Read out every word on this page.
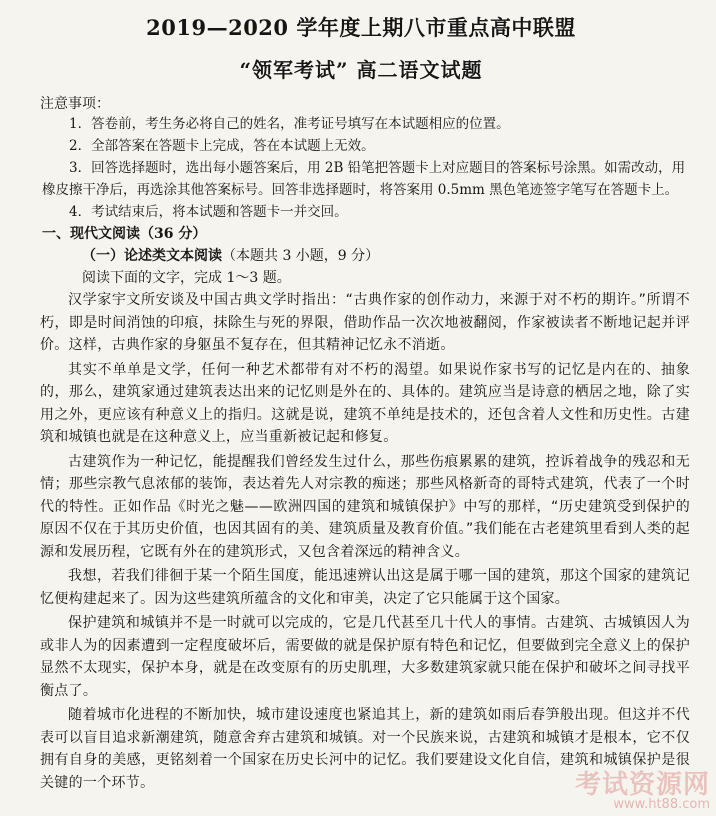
2019—2020 学年度上期八市重点高中联盟
“领军考试” 高二语文试题
注意事项：

1．答卷前，考生务必将自己的姓名，准考证号填写在本试题相应的位置。

2．全部答案在答题卡上完成，答在本试题上无效。

3．回答选择题时，选出每小题答案后，用 2B 铅笔把答题卡上对应题目的答案标号涂黑。如需改动，用橡皮擦干净后，再选涂其他答案标号。回答非选择题时，将答案用 0.5mm 黑色笔迹签字笔写在答题卡上。

4．考试结束后，将本试题和答题卡一并交回。

一、现代文阅读（36 分）
（一）论述类文本阅读（本题共 3 小题，9 分）
阅读下面的文字，完成 1～3 题。

汉学家宇文所安谈及中国古典文学时指出：“古典作家的创作动力，来源于对不朽的期许。”所谓不朽，即是时间消蚀的印痕，抹除生与死的界限，借助作品一次次地被翻阅，作家被读者不断地记起并评价。这样，古典作家的身躯虽不复存在，但其精神记忆永不消逝。

其实不单单是文学，任何一种艺术都带有对不朽的渴望。如果说作家书写的记忆是内在的、抽象的，那么，建筑家通过建筑表达出来的记忆则是外在的、具体的。建筑应当是诗意的栖居之地，除了实用之外，更应该有种意义上的指归。这就是说，建筑不单纯是技术的，还包含着人文性和历史性。古建筑和城镇也就是在这种意义上，应当重新被记起和修复。

古建筑作为一种记忆，能提醒我们曾经发生过什么，那些伤痕累累的建筑，控诉着战争的残忍和无情；那些宗教气息浓郁的装饰，表达着先人对宗教的痴迷；那些风格新奇的哥特式建筑，代表了一个时代的特性。正如作品《时光之魅——欧洲四国的建筑和城镇保护》中写的那样，“历史建筑受到保护的原因不仅在于其历史价值，也因其固有的美、建筑质量及教育价值。”我们能在古老建筑里看到人类的起源和发展历程，它既有外在的建筑形式，又包含着深远的精神含义。

我想，若我们徘徊于某一个陌生国度，能迅速辨认出这是属于哪一国的建筑，那这个国家的建筑记忆便构建起来了。因为这些建筑所蕴含的文化和审美，决定了它只能属于这个国家。

保护建筑和城镇并不是一时就可以完成的，它是几代甚至几十代人的事情。古建筑、古城镇因人为或非人为的因素遭到一定程度破坏后，需要做的就是保护原有特色和记忆，但要做到完全意义上的保护显然不太现实，保护本身，就是在改变原有的历史肌理，大多数建筑家就只能在保护和破坏之间寻找平衡点了。

随着城市化进程的不断加快，城市建设速度也紧追其上，新的建筑如雨后春笋般出现。但这并不代表可以盲目追求新潮建筑，随意舍弃古建筑和城镇。对一个民族来说，古建筑和城镇才是根本，它不仅拥有自身的美感，更铭刻着一个国家在历史长河中的记忆。我们要建设文化自信，建筑和城镇保护是很关键的一个环节。	考试资源网
www.ht88.com
